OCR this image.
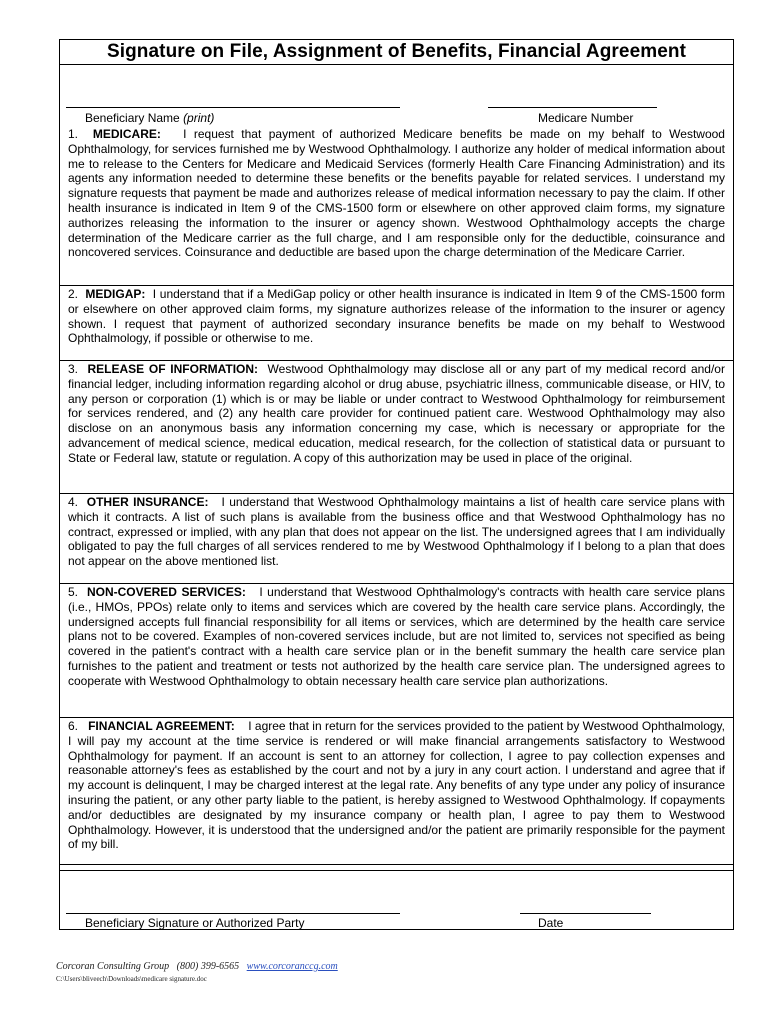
Signature on File, Assignment of Benefits, Financial Agreement
Beneficiary Name (print)	Medicare Number
1. MEDICARE: I request that payment of authorized Medicare benefits be made on my behalf to Westwood Ophthalmology, for services furnished me by Westwood Ophthalmology. I authorize any holder of medical information about me to release to the Centers for Medicare and Medicaid Services (formerly Health Care Financing Administration) and its agents any information needed to determine these benefits or the benefits payable for related services. I understand my signature requests that payment be made and authorizes release of medical information necessary to pay the claim. If other health insurance is indicated in Item 9 of the CMS-1500 form or elsewhere on other approved claim forms, my signature authorizes releasing the information to the insurer or agency shown. Westwood Ophthalmology accepts the charge determination of the Medicare carrier as the full charge, and I am responsible only for the deductible, coinsurance and noncovered services. Coinsurance and deductible are based upon the charge determination of the Medicare Carrier.
2. MEDIGAP: I understand that if a MediGap policy or other health insurance is indicated in Item 9 of the CMS-1500 form or elsewhere on other approved claim forms, my signature authorizes release of the information to the insurer or agency shown. I request that payment of authorized secondary insurance benefits be made on my behalf to Westwood Ophthalmology, if possible or otherwise to me.
3. RELEASE OF INFORMATION: Westwood Ophthalmology may disclose all or any part of my medical record and/or financial ledger, including information regarding alcohol or drug abuse, psychiatric illness, communicable disease, or HIV, to any person or corporation (1) which is or may be liable or under contract to Westwood Ophthalmology for reimbursement for services rendered, and (2) any health care provider for continued patient care. Westwood Ophthalmology may also disclose on an anonymous basis any information concerning my case, which is necessary or appropriate for the advancement of medical science, medical education, medical research, for the collection of statistical data or pursuant to State or Federal law, statute or regulation. A copy of this authorization may be used in place of the original.
4. OTHER INSURANCE: I understand that Westwood Ophthalmology maintains a list of health care service plans with which it contracts. A list of such plans is available from the business office and that Westwood Ophthalmology has no contract, expressed or implied, with any plan that does not appear on the list. The undersigned agrees that I am individually obligated to pay the full charges of all services rendered to me by Westwood Ophthalmology if I belong to a plan that does not appear on the above mentioned list.
5. NON-COVERED SERVICES: I understand that Westwood Ophthalmology's contracts with health care service plans (i.e., HMOs, PPOs) relate only to items and services which are covered by the health care service plans. Accordingly, the undersigned accepts full financial responsibility for all items or services, which are determined by the health care service plans not to be covered. Examples of non-covered services include, but are not limited to, services not specified as being covered in the patient's contract with a health care service plan or in the benefit summary the health care service plan furnishes to the patient and treatment or tests not authorized by the health care service plan. The undersigned agrees to cooperate with Westwood Ophthalmology to obtain necessary health care service plan authorizations.
6. FINANCIAL AGREEMENT: I agree that in return for the services provided to the patient by Westwood Ophthalmology, I will pay my account at the time service is rendered or will make financial arrangements satisfactory to Westwood Ophthalmology for payment. If an account is sent to an attorney for collection, I agree to pay collection expenses and reasonable attorney's fees as established by the court and not by a jury in any court action. I understand and agree that if my account is delinquent, I may be charged interest at the legal rate. Any benefits of any type under any policy of insurance insuring the patient, or any other party liable to the patient, is hereby assigned to Westwood Ophthalmology. If copayments and/or deductibles are designated by my insurance company or health plan, I agree to pay them to Westwood Ophthalmology. However, it is understood that the undersigned and/or the patient are primarily responsible for the payment of my bill.
Beneficiary Signature or Authorized Party	Date
Corcoran Consulting Group (800) 399-6565 www.corcoranccg.com
C:\Users\bliveech\Downloads\medicare signature.doc
